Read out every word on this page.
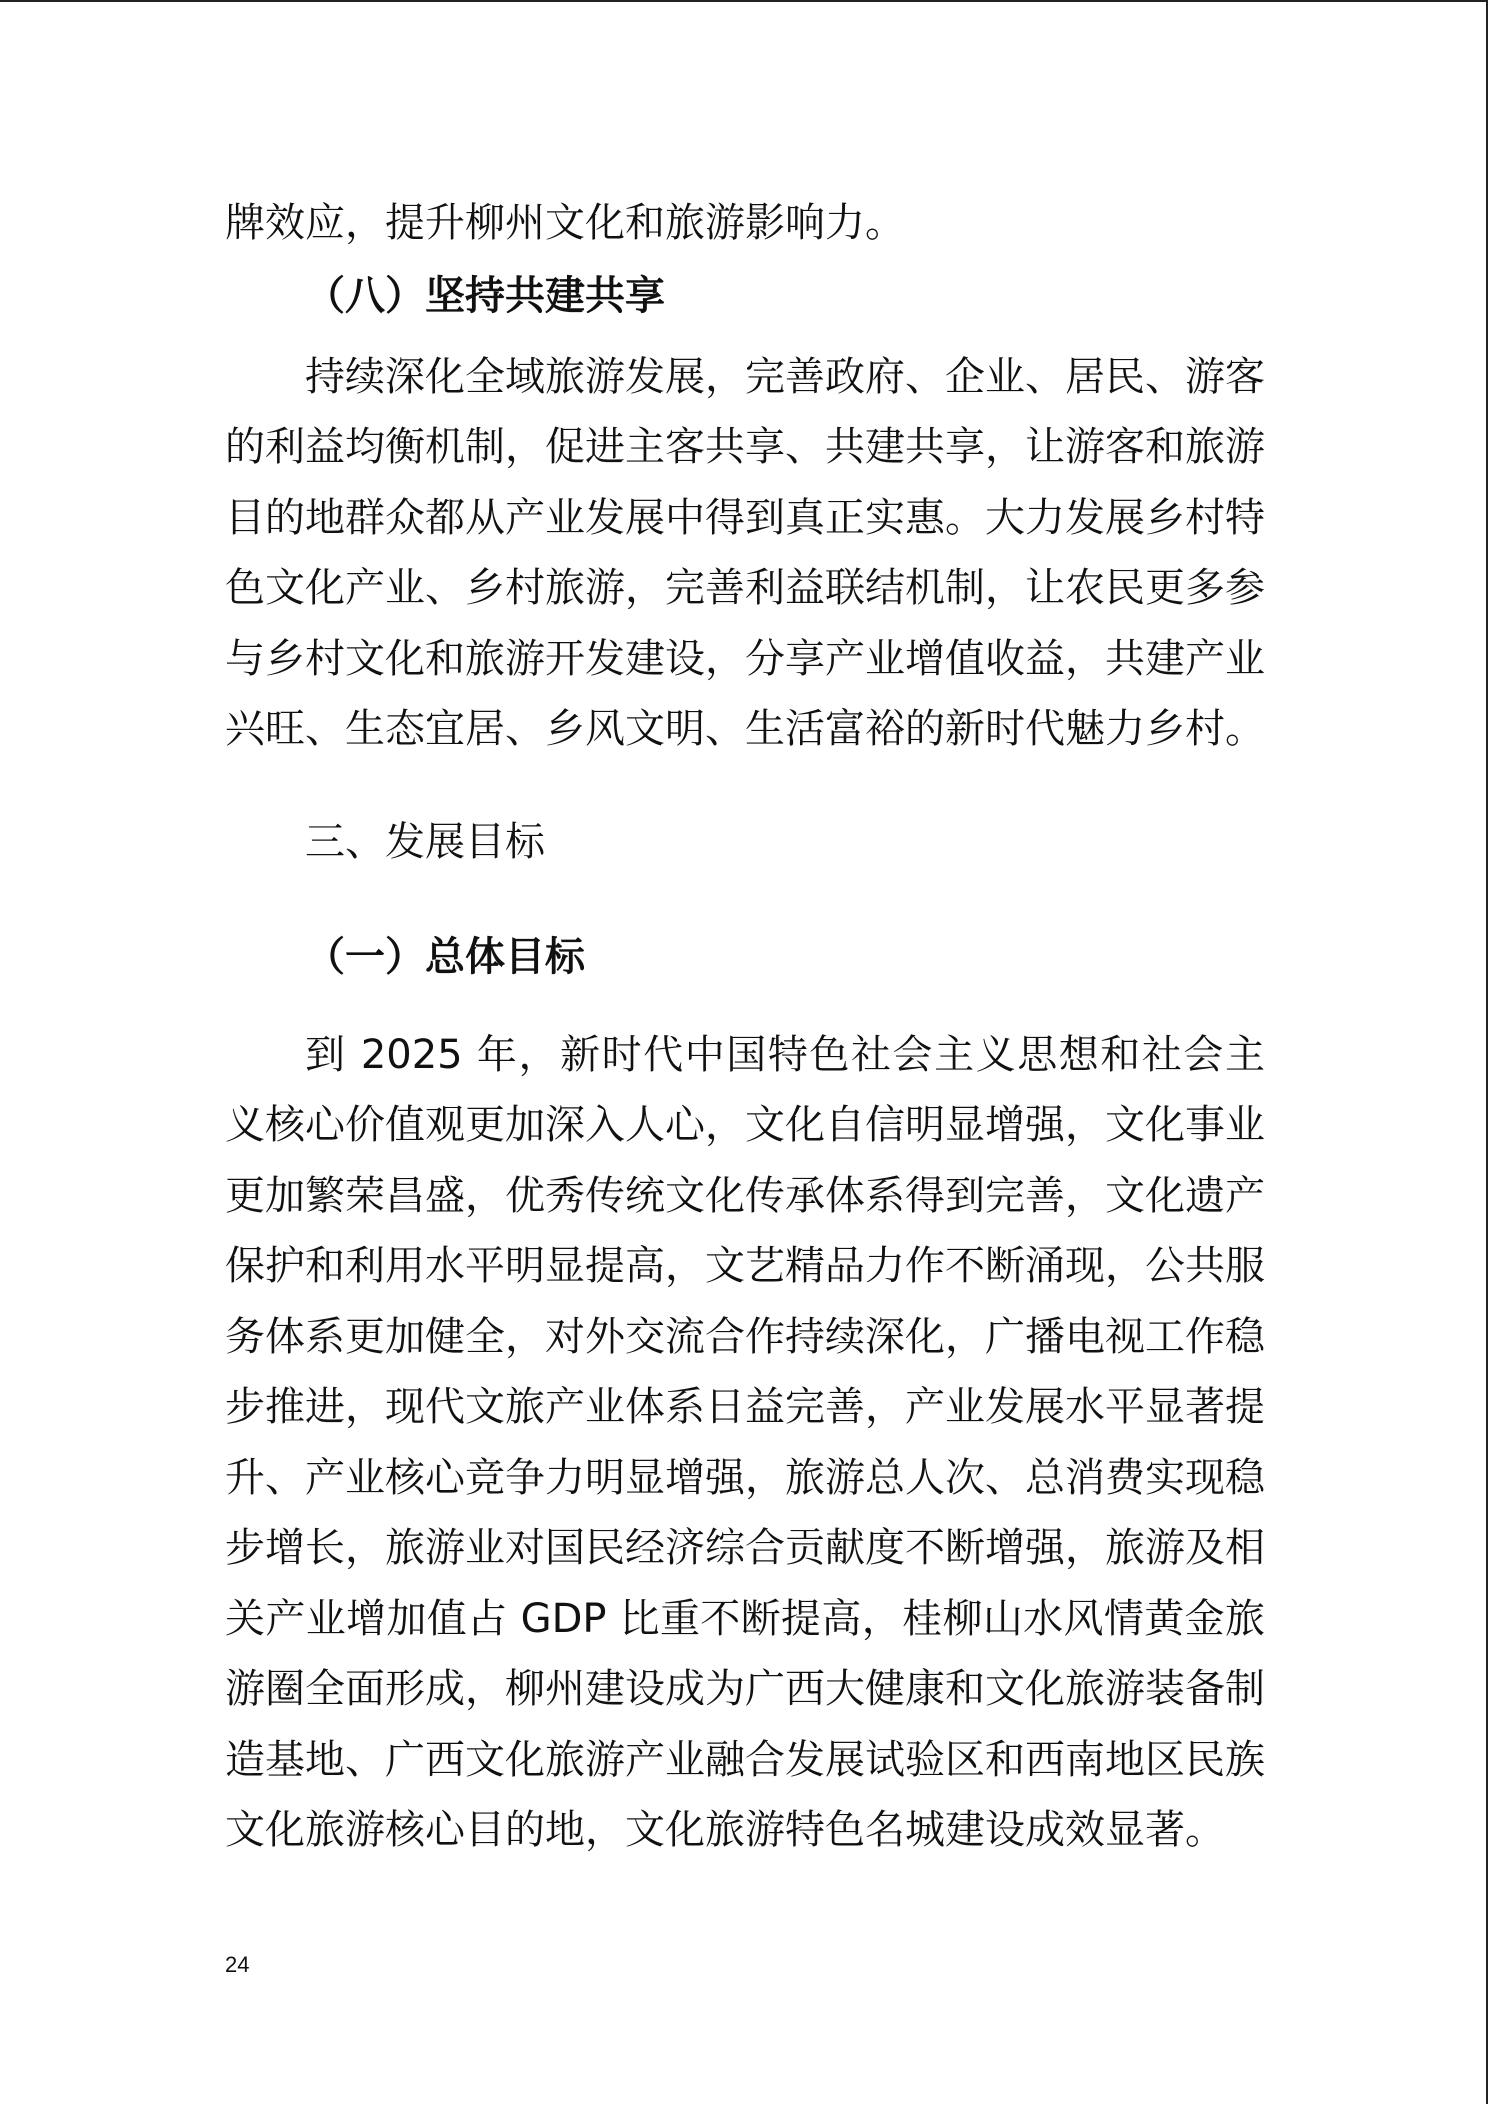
牌效应，提升柳州文化和旅游影响力。

（八）坚持共建共享

持续深化全域旅游发展，完善政府、企业、居民、游客的利益均衡机制，促进主客共享、共建共享，让游客和旅游目的地群众都从产业发展中得到真正实惠。大力发展乡村特色文化产业、乡村旅游，完善利益联结机制，让农民更多参与乡村文化和旅游开发建设，分享产业增值收益，共建产业兴旺、生态宜居、乡风文明、生活富裕的新时代魅力乡村。

三、发展目标

（一）总体目标

到 2025 年，新时代中国特色社会主义思想和社会主义核心价值观更加深入人心，文化自信明显增强，文化事业更加繁荣昌盛，优秀传统文化传承体系得到完善，文化遗产保护和利用水平明显提高，文艺精品力作不断涌现，公共服务体系更加健全，对外交流合作持续深化，广播电视工作稳步推进，现代文旅产业体系日益完善，产业发展水平显著提升、产业核心竞争力明显增强，旅游总人次、总消费实现稳步增长，旅游业对国民经济综合贡献度不断增强，旅游及相关产业增加值占 GDP 比重不断提高，桂柳山水风情黄金旅游圈全面形成，柳州建设成为广西大健康和文化旅游装备制造基地、广西文化旅游产业融合发展试验区和西南地区民族文化旅游核心目的地，文化旅游特色名城建设成效显著。

24
